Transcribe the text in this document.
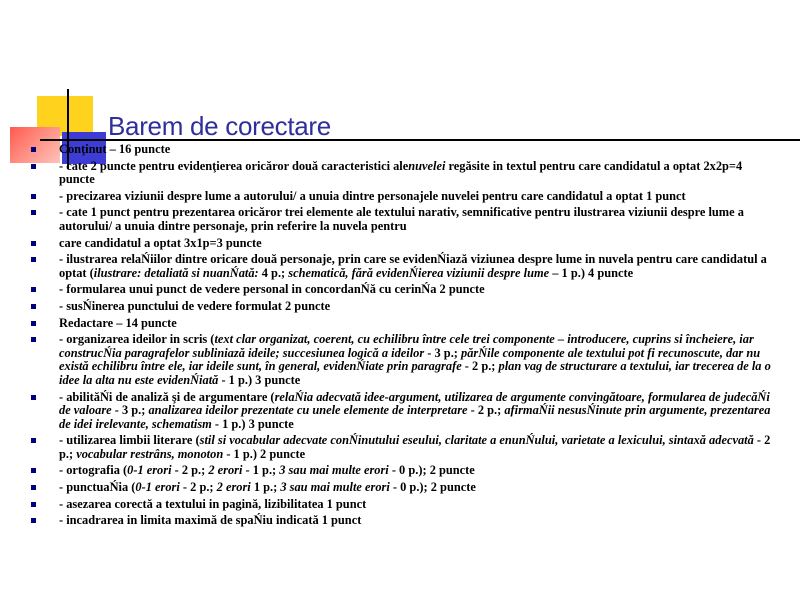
Barem de corectare
Conţinut – 16 puncte
- cate 2 puncte pentru evidenţierea oricăror două caracteristici alenuvelei regăsite in textul pentru care candidatul a optat 2x2p=4 puncte
- precizarea viziunii despre lume a autorului/ a unuia dintre personajele nuvelei pentru care candidatul a optat 1 punct
- cate 1 punct pentru prezentarea oricăror trei elemente ale textului narativ, semnificative pentru ilustrarea viziunii despre lume a autorului/ a unuia dintre personaje, prin referire la nuvela pentru
care candidatul a optat 3x1p=3 puncte
- ilustrarea relaŃiilor dintre oricare două personaje, prin care se evidenŃiază viziunea despre lume in nuvela pentru care candidatul a optat (ilustrare: detaliată si nuanŃată: 4 p.; schematică, fără evidenŃierea viziunii despre lume – 1 p.) 4 puncte
- formularea unui punct de vedere personal in concordanŃă cu cerinŃa 2 puncte
- susŃinerea punctului de vedere formulat 2 puncte
Redactare – 14 puncte
- organizarea ideilor in scris (text clar organizat, coerent, cu echilibru între cele trei componente – introducere, cuprins si încheiere, iar construcŃia paragrafelor subliniază ideile; succesiunea logică a ideilor - 3 p.; părŃile componente ale textului pot fi recunoscute, dar nu există echilibru între ele, iar ideile sunt, în general, evidenŃiate prin paragrafe - 2 p.; plan vag de structurare a textului, iar trecerea de la o idee la alta nu este evidenŃiată - 1 p.) 3 puncte
- abilităŃi de analiză şi de argumentare (relaŃia adecvată idee-argument, utilizarea de argumente convingătoare, formularea de judecăŃi de valoare - 3 p.; analizarea ideilor prezentate cu unele elemente de interpretare - 2 p.; afirmaŃii nesusŃinute prin argumente, prezentarea de idei irelevante, schematism - 1 p.) 3 puncte
- utilizarea limbii literare (stil si vocabular adecvate conŃinutului eseului, claritate a enunŃului, varietate a lexicului, sintaxă adecvată - 2 p.; vocabular restrâns, monoton - 1 p.) 2 puncte
- ortografia (0-1 erori - 2 p.; 2 erori - 1 p.; 3 sau mai multe erori - 0 p.); 2 puncte
- punctuaŃia (0-1 erori - 2 p.; 2 erori 1 p.; 3 sau mai multe erori - 0 p.); 2 puncte
- asezarea corectă a textului in pagină, lizibilitatea 1 punct
- incadrarea in limita maximă de spaŃiu indicată 1 punct
